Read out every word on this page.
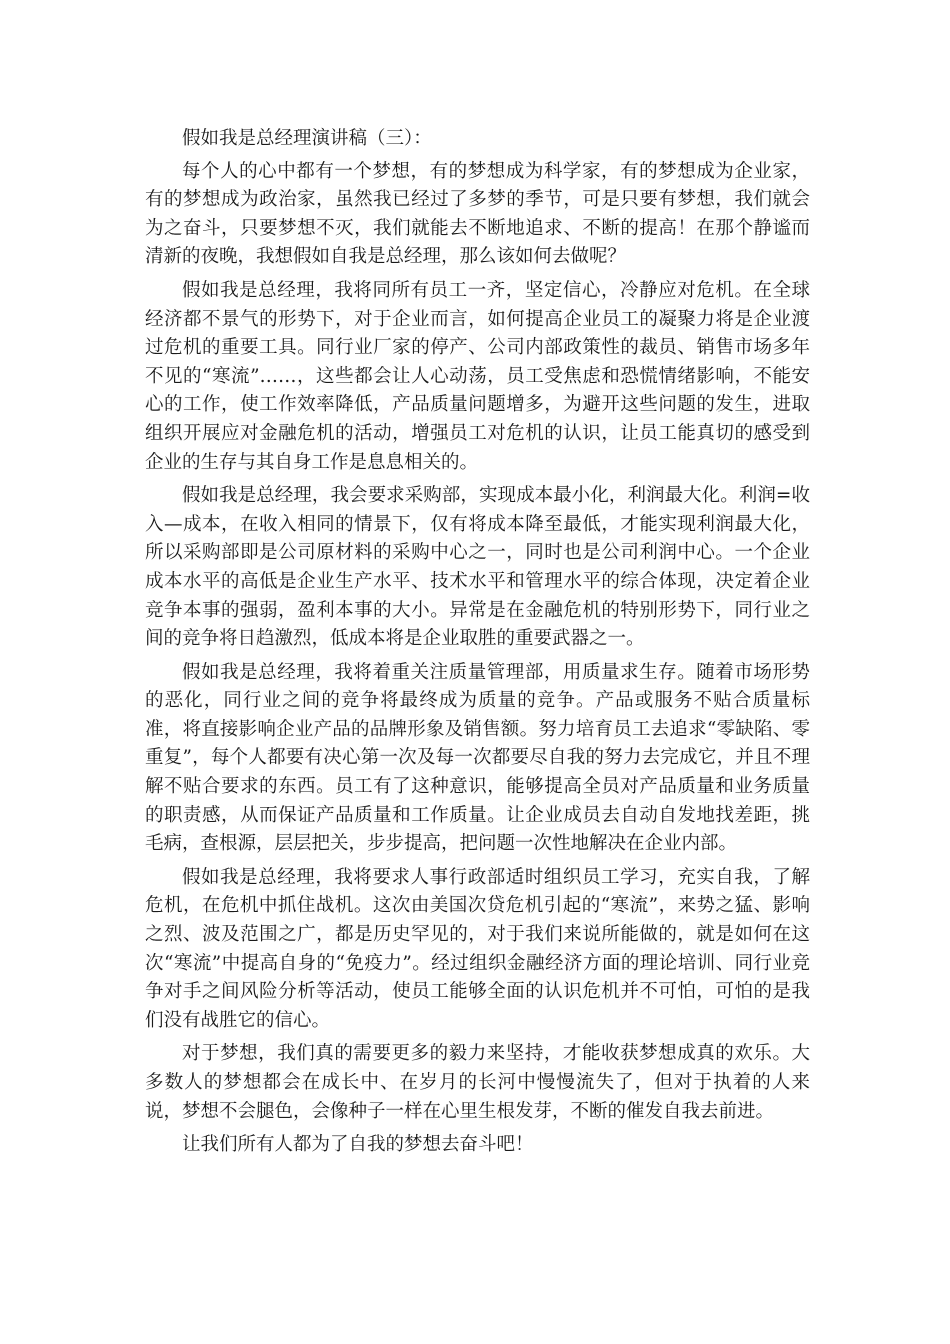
假如我是总经理演讲稿（三）：

每个人的心中都有一个梦想，有的梦想成为科学家，有的梦想成为企业家，有的梦想成为政治家，虽然我已经过了多梦的季节，可是只要有梦想，我们就会为之奋斗，只要梦想不灭，我们就能去不断地追求、不断的提高！在那个静谧而清新的夜晚，我想假如自我是总经理，那么该如何去做呢？

假如我是总经理，我将同所有员工一齐，坚定信心，冷静应对危机。在全球经济都不景气的形势下，对于企业而言，如何提高企业员工的凝聚力将是企业渡过危机的重要工具。同行业厂家的停产、公司内部政策性的裁员、销售市场多年不见的“寒流”……，这些都会让人心动荡，员工受焦虑和恐慌情绪影响，不能安心的工作，使工作效率降低，产品质量问题增多，为避开这些问题的发生，进取组织开展应对金融危机的活动，增强员工对危机的认识，让员工能真切的感受到企业的生存与其自身工作是息息相关的。

假如我是总经理，我会要求采购部，实现成本最小化，利润最大化。利润=收入—成本，在收入相同的情景下，仅有将成本降至最低，才能实现利润最大化，所以采购部即是公司原材料的采购中心之一，同时也是公司利润中心。一个企业成本水平的高低是企业生产水平、技术水平和管理水平的综合体现，决定着企业竞争本事的强弱，盈利本事的大小。异常是在金融危机的特别形势下，同行业之间的竞争将日趋激烈，低成本将是企业取胜的重要武器之一。

假如我是总经理，我将着重关注质量管理部，用质量求生存。随着市场形势的恶化，同行业之间的竞争将最终成为质量的竞争。产品或服务不贴合质量标准，将直接影响企业产品的品牌形象及销售额。努力培育员工去追求“零缺陷、零重复”，每个人都要有决心第一次及每一次都要尽自我的努力去完成它，并且不理解不贴合要求的东西。员工有了这种意识，能够提高全员对产品质量和业务质量的职责感，从而保证产品质量和工作质量。让企业成员去自动自发地找差距，挑毛病，查根源，层层把关，步步提高，把问题一次性地解决在企业内部。

假如我是总经理，我将要求人事行政部适时组织员工学习，充实自我，了解危机，在危机中抓住战机。这次由美国次贷危机引起的“寒流”，来势之猛、影响之烈、波及范围之广，都是历史罕见的，对于我们来说所能做的，就是如何在这次“寒流”中提高自身的“免疫力”。经过组织金融经济方面的理论培训、同行业竞争对手之间风险分析等活动，使员工能够全面的认识危机并不可怕，可怕的是我们没有战胜它的信心。

对于梦想，我们真的需要更多的毅力来坚持，才能收获梦想成真的欢乐。大多数人的梦想都会在成长中、在岁月的长河中慢慢流失了，但对于执着的人来说，梦想不会腿色，会像种子一样在心里生根发芽，不断的催发自我去前进。

让我们所有人都为了自我的梦想去奋斗吧！
